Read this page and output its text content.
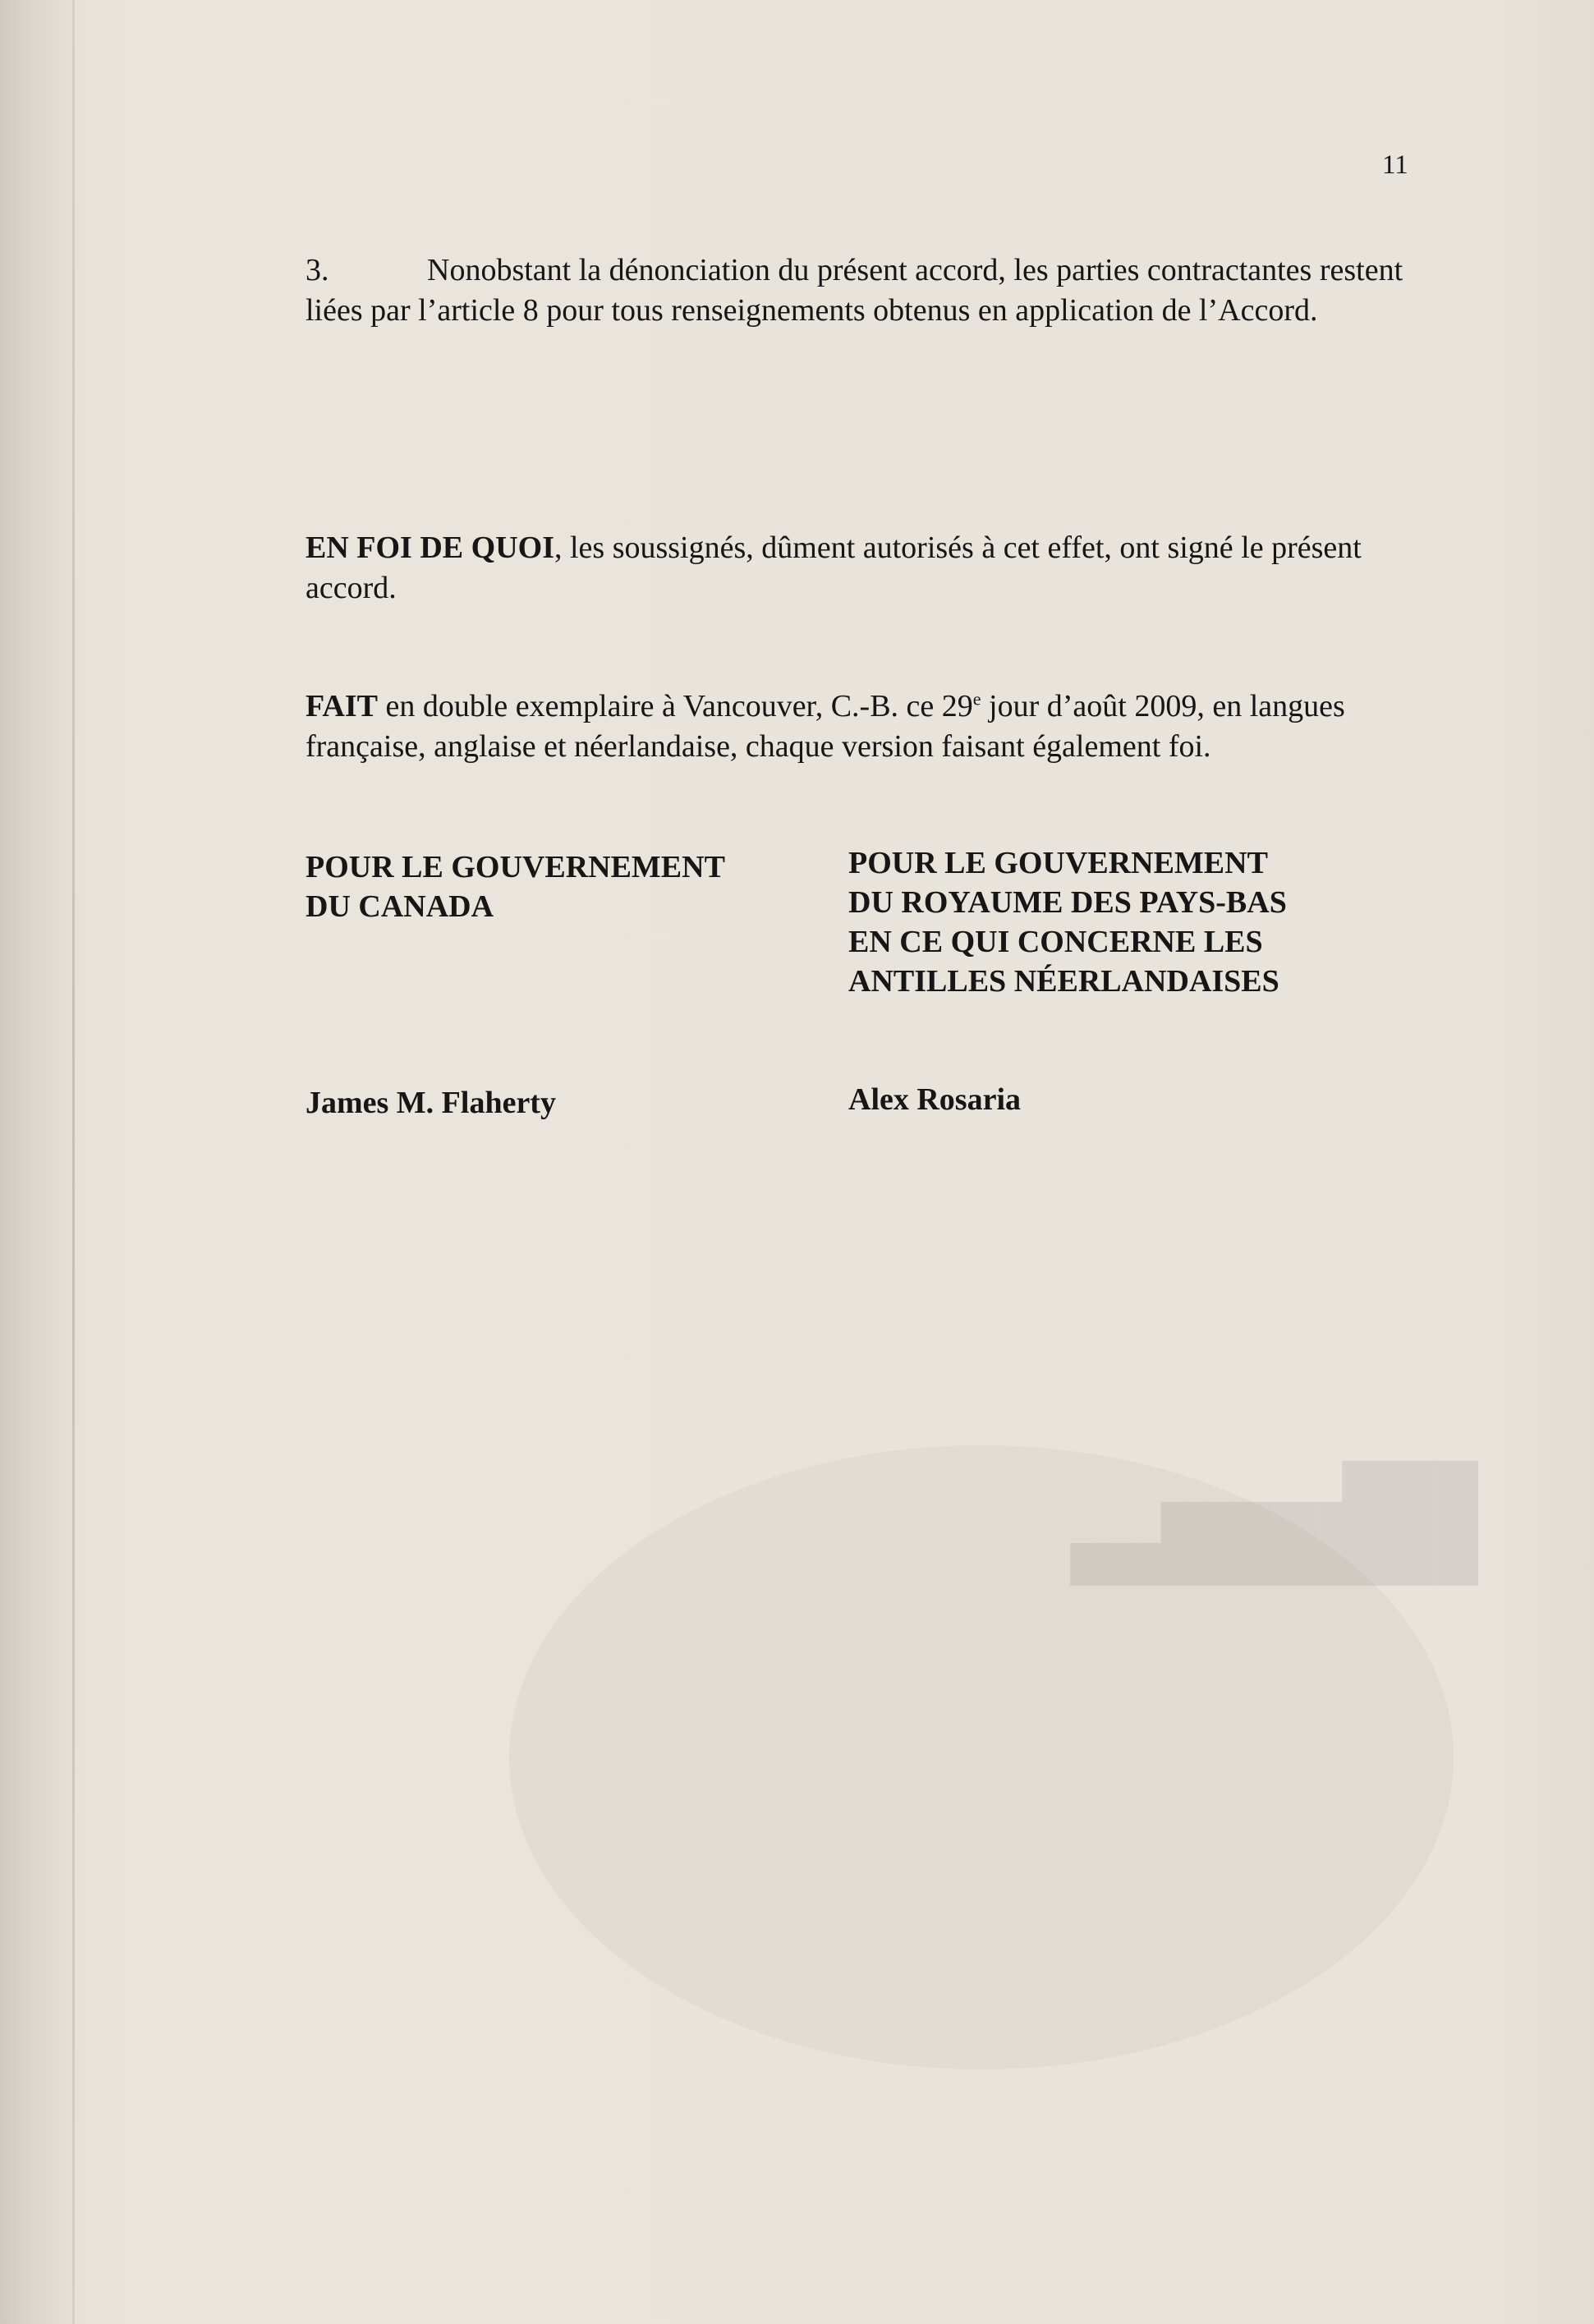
██████
██████████████
██████████████████
11
3.	Nonobstant la dénonciation du présent accord, les parties contractantes restent liées par l’article 8 pour tous renseignements obtenus en application de l’Accord.
EN FOI DE QUOI, les soussignés, dûment autorisés à cet effet, ont signé le présent accord.
FAIT en double exemplaire à Vancouver, C.-B. ce 29e jour d’août 2009, en langues française, anglaise et néerlandaise, chaque version faisant également foi.
POUR LE GOUVERNEMENT
DU CANADA
POUR LE GOUVERNEMENT
DU ROYAUME DES PAYS-BAS
EN CE QUI CONCERNE LES
ANTILLES NÉERLANDAISES
James M. Flaherty	Alex Rosaria
